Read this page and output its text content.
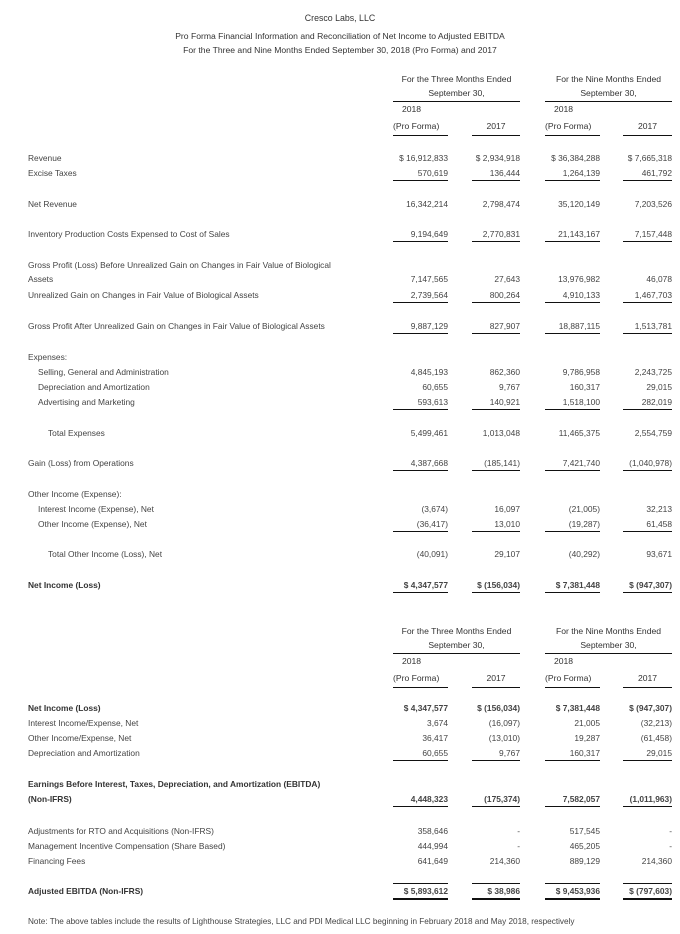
Cresco Labs, LLC
Pro Forma Financial Information and Reconciliation of Net Income to Adjusted EBITDA
For the Three and Nine Months Ended September 30, 2018 (Pro Forma) and 2017
For the Three Months Ended
September 30,
For the Nine Months Ended
September 30,
2018
(Pro Forma)	2017
2018
(Pro Forma)	2017
Revenue	$ 16,912,833	$ 2,934,918	$ 36,384,288	$ 7,665,318
Excise Taxes	570,619	136,444	1,264,139	461,792
Net Revenue	16,342,214	2,798,474	35,120,149	7,203,526
Inventory Production Costs Expensed to Cost of Sales	9,194,649	2,770,831	21,143,167	7,157,448
Gross Profit (Loss) Before Unrealized Gain on Changes in Fair Value of Biological
Assets	7,147,565	27,643	13,976,982	46,078
Unrealized Gain on Changes in Fair Value of Biological Assets	2,739,564	800,264	4,910,133	1,467,703
Gross Profit After Unrealized Gain on Changes in Fair Value of Biological Assets	9,887,129	827,907	18,887,115	1,513,781
Expenses:
Selling, General and Administration	4,845,193	862,360	9,786,958	2,243,725
Depreciation and Amortization	60,655	9,767	160,317	29,015
Advertising and Marketing	593,613	140,921	1,518,100	282,019
Total Expenses	5,499,461	1,013,048	11,465,375	2,554,759
Gain (Loss) from Operations	4,387,668	(185,141)	7,421,740	(1,040,978)
Other Income (Expense):
Interest Income (Expense), Net	(3,674)	16,097	(21,005)	32,213
Other Income (Expense), Net	(36,417)	13,010	(19,287)	61,458
Total Other Income (Loss), Net	(40,091)	29,107	(40,292)	93,671
Net Income (Loss)	$ 4,347,577	$ (156,034)	$ 7,381,448	$ (947,307)
For the Three Months Ended
September 30,
For the Nine Months Ended
September 30,
2018
(Pro Forma)	2017
2018
(Pro Forma)	2017
Net Income (Loss)	$ 4,347,577	$ (156,034)	$ 7,381,448	$ (947,307)
Interest Income/Expense, Net	3,674	(16,097)	21,005	(32,213)
Other Income/Expense, Net	36,417	(13,010)	19,287	(61,458)
Depreciation and Amortization	60,655	9,767	160,317	29,015
Earnings Before Interest, Taxes, Depreciation, and Amortization (EBITDA)
(Non-IFRS)	4,448,323	(175,374)	7,582,057	(1,011,963)
Adjustments for RTO and Acquisitions (Non-IFRS)	358,646	-	517,545	-
Management Incentive Compensation (Share Based)	444,994	-	465,205	-
Financing Fees	641,649	214,360	889,129	214,360
Adjusted EBITDA (Non-IFRS)	$ 5,893,612	$ 38,986	$ 9,453,936	$ (797,603)
Note: The above tables include the results of Lighthouse Strategies, LLC and PDI Medical LLC beginning in February 2018 and May 2018, respectively
